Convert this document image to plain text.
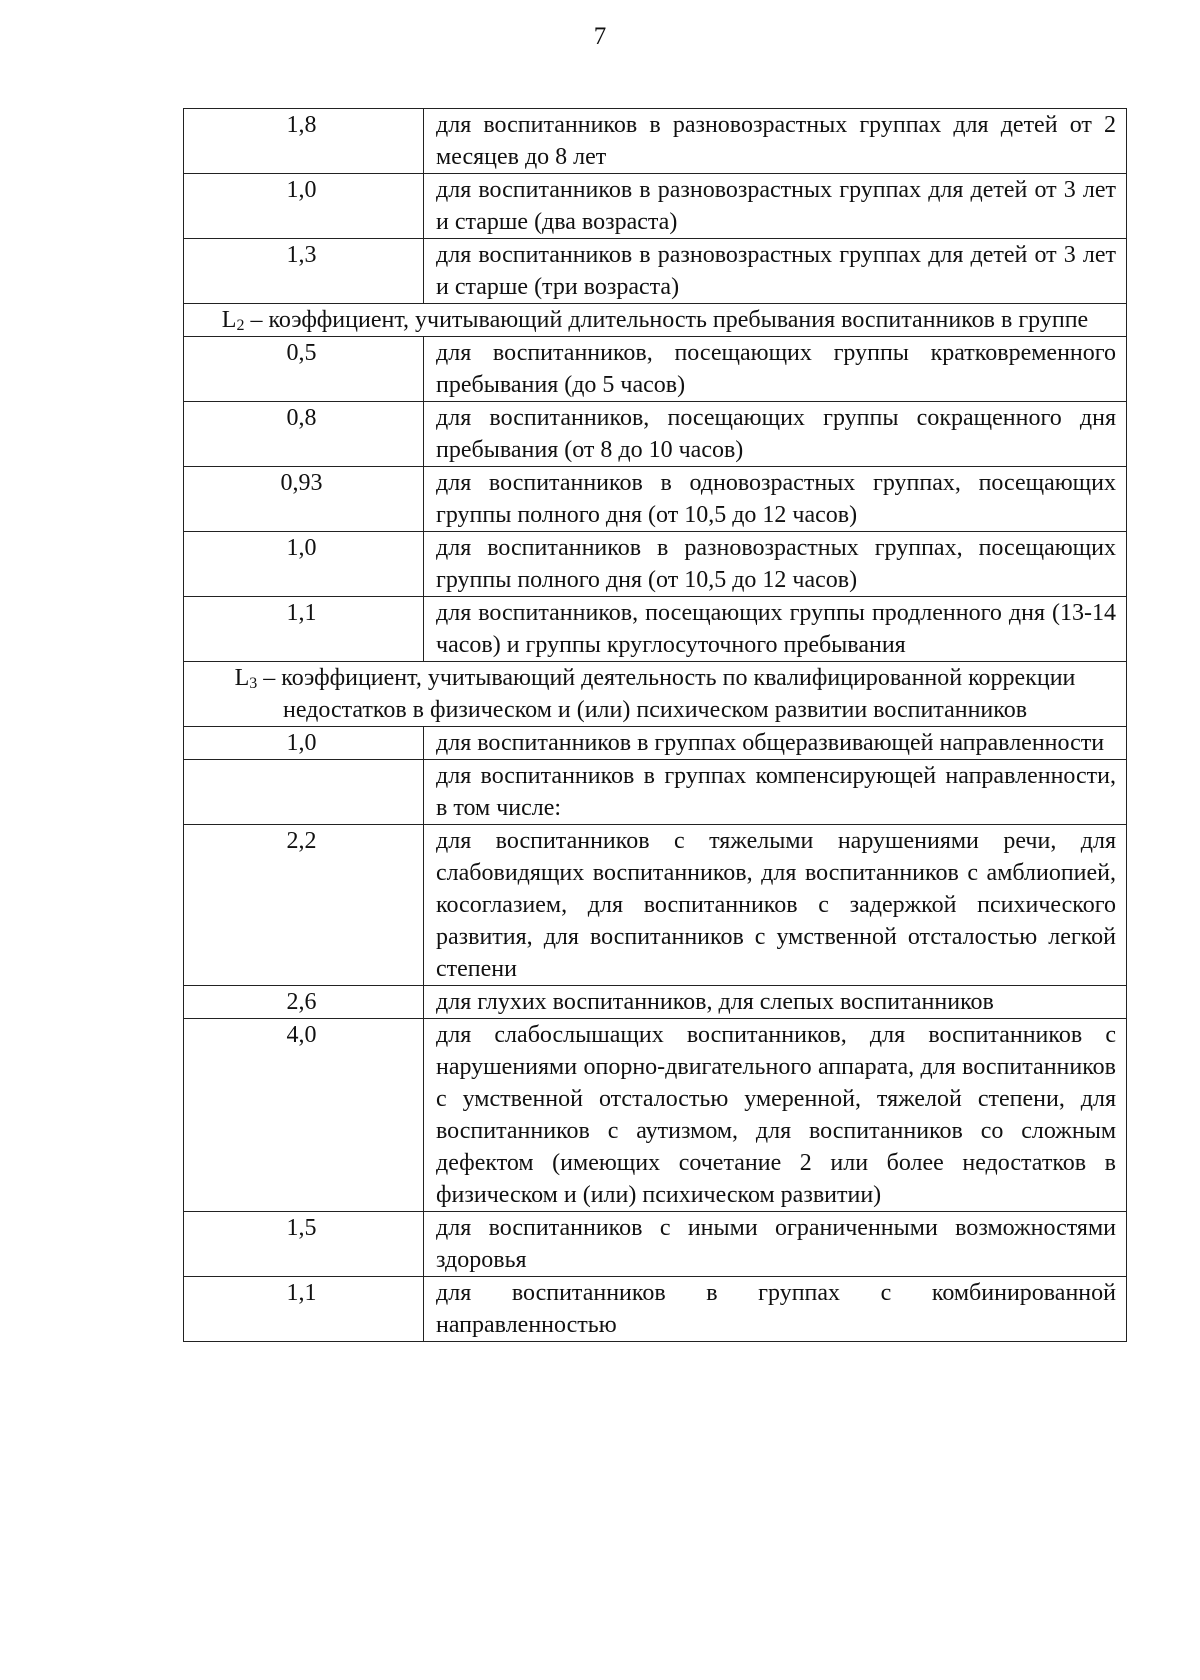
7
1,8	для воспитанников в разновозрастных группах для детей от 2 месяцев до 8 лет
1,0	для воспитанников в разновозрастных группах для детей от 3 лет и старше (два возраста)
1,3	для воспитанников в разновозрастных группах для детей от 3 лет и старше (три возраста)
$L_2$ – коэффициент, учитывающий длительность пребывания воспитанников в группе	
0,5	для воспитанников, посещающих группы кратковременного пребывания (до 5 часов)
0,8	для воспитанников, посещающих группы сокращенного дня пребывания (от 8 до 10 часов)
0,93	для воспитанников в одновозрастных группах, посещающих группы полного дня (от 10,5 до 12 часов)
1,0	для воспитанников в разновозрастных группах, посещающих группы полного дня (от 10,5 до 12 часов)
1,1	для воспитанников, посещающих группы продленного дня (13-14 часов) и группы круглосуточного пребывания
$L_3$ – коэффициент, учитывающий деятельность по квалифицированной коррекции недостатков в физическом и (или) психическом развитии воспитанников	
1,0	для воспитанников в группах общеразвивающей направленности
	для воспитанников в группах компенсирующей направленности, в том числе:
2,2	для воспитанников с тяжелыми нарушениями речи, для слабовидящих воспитанников, для воспитанников с амблиопией, косоглазием, для воспитанников с задержкой психического развития, для воспитанников с умственной отсталостью легкой степени
2,6	для глухих воспитанников, для слепых воспитанников
4,0	для слабослышащих воспитанников, для воспитанников с нарушениями опорно-двигательного аппарата, для воспитанников с умственной отсталостью умеренной, тяжелой степени, для воспитанников с аутизмом, для воспитанников со сложным дефектом (имеющих сочетание 2 или более недостатков в физическом и (или) психическом развитии)
1,5	для воспитанников с иными ограниченными возможностями здоровья
1,1	для воспитанников в группах с комбинированной направленностью
